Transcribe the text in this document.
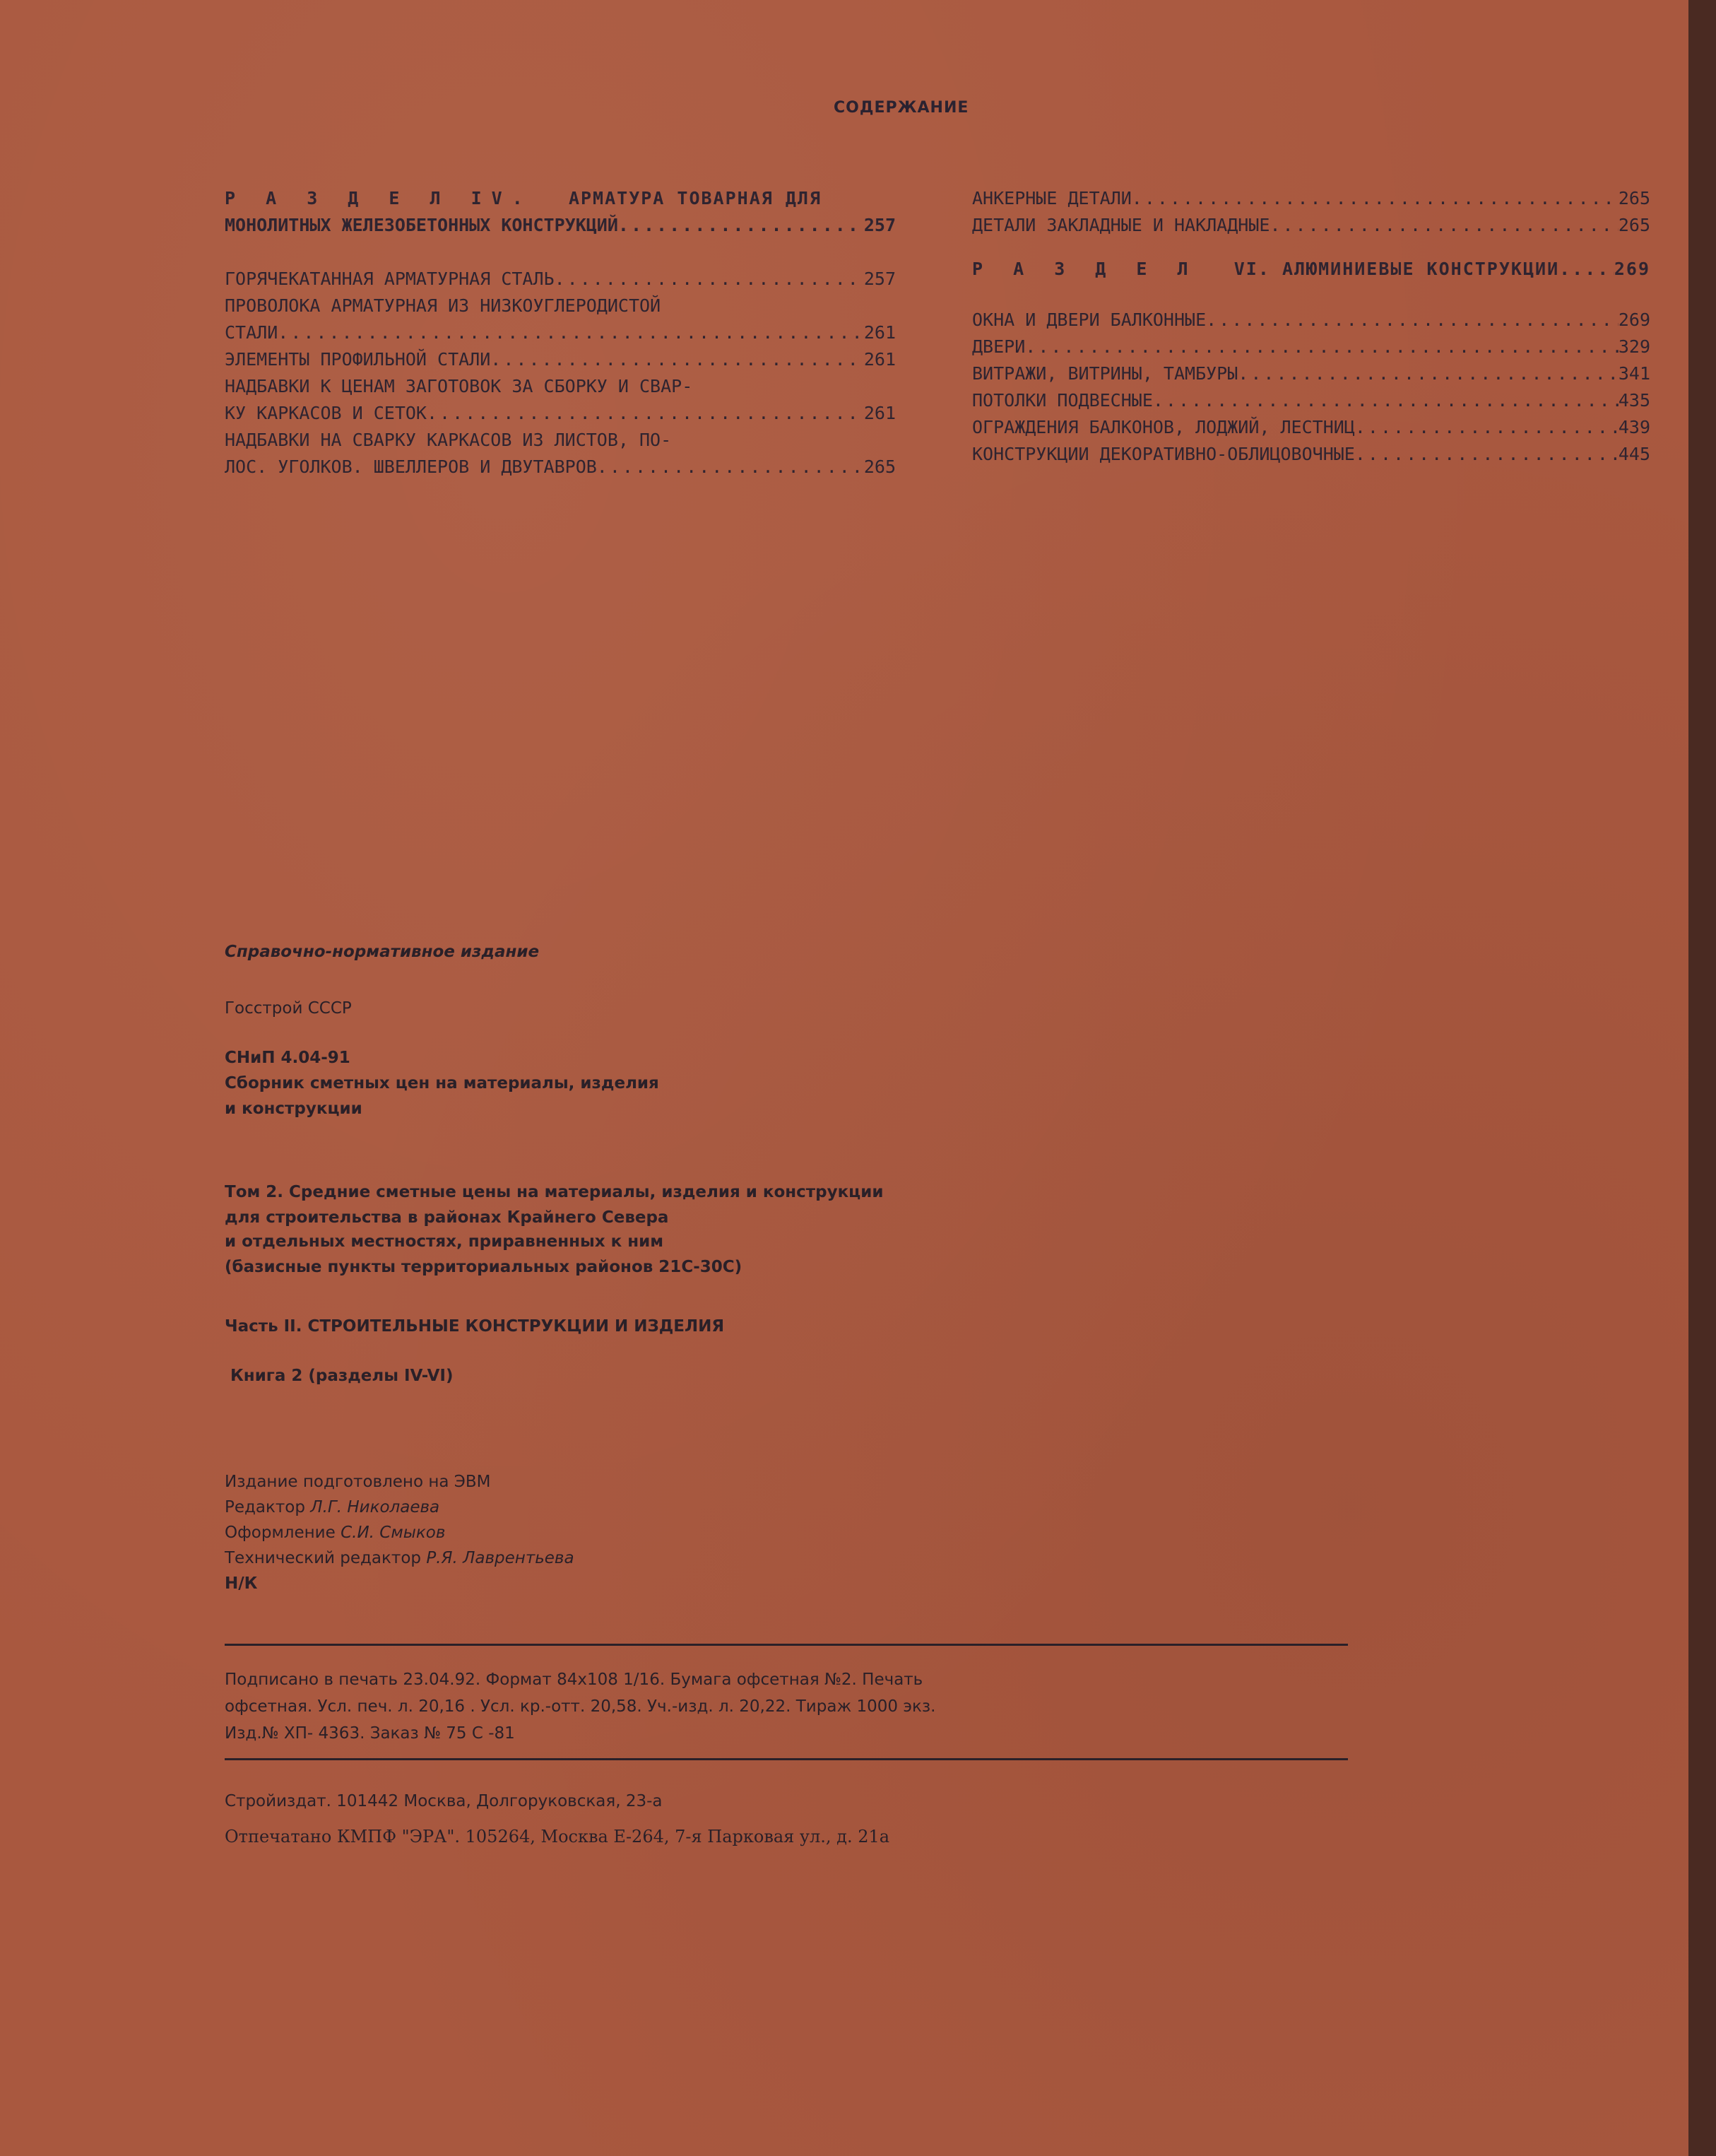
СОДЕРЖАНИЕ
Р А З Д Е Л IV. АРМАТУРА ТОВАРНАЯ ДЛЯ
МОНОЛИТНЫХ ЖЕЛЕЗОБЕТОННЫХ КОНСТРУКЦИЙ .....	257
ГОРЯЧЕКАТАННАЯ АРМАТУРНАЯ СТАЛЬ .....	257
ПРОВОЛОКА АРМАТУРНАЯ ИЗ НИЗКОУГЛЕРОДИСТОЙ
СТАЛИ .....	261
ЭЛЕМЕНТЫ ПРОФИЛЬНОЙ СТАЛИ .....	261
НАДБАВКИ К ЦЕНАМ ЗАГОТОВОК ЗА СБОРКУ И СВАР-
КУ КАРКАСОВ И СЕТОК .....	261
НАДБАВКИ НА СВАРКУ КАРКАСОВ ИЗ ЛИСТОВ, ПО-
ЛОС. УГОЛКОВ. ШВЕЛЛЕРОВ И ДВУТАВРОВ .....	265
АНКЕРНЫЕ ДЕТАЛИ .....	265
ДЕТАЛИ ЗАКЛАДНЫЕ И НАКЛАДНЫЕ .....	265
Р А З Д Е Л VI. АЛЮМИНИЕВЫЕ КОНСТРУКЦИИ .....	269
ОКНА И ДВЕРИ БАЛКОННЫЕ .....	269
ДВЕРИ .....	329
ВИТРАЖИ, ВИТРИНЫ, ТАМБУРЫ .....	341
ПОТОЛКИ ПОДВЕСНЫЕ .....	435
ОГРАЖДЕНИЯ БАЛКОНОВ, ЛОДЖИЙ, ЛЕСТНИЦ .....	439
КОНСТРУКЦИИ ДЕКОРАТИВНО-ОБЛИЦОВОЧНЫЕ .....	445
Справочно-нормативное издание
Госстрой СССР
СНиП 4.04-91
Сборник сметных цен на материалы, изделия
и конструкции
Том 2. Средние сметные цены на материалы, изделия и конструкции
для строительства в районах Крайнего Севера
и отдельных местностях, приравненных к ним
(базисные пункты территориальных районов 21С-30С)
Часть II. СТРОИТЕЛЬНЫЕ КОНСТРУКЦИИ И ИЗДЕЛИЯ
Книга 2 (разделы IV-VI)
Издание подготовлено на ЭВМ
Редактор Л.Г. Николаева
Оформление С.И. Смыков
Технический редактор Р.Я. Лаврентьева
Н/К
Подписано в печать 23.04.92. Формат 84х108 1/16. Бумага офсетная №2. Печать
офсетная. Усл. печ. л. 20,16 . Усл. кр.-отт. 20,58. Уч.-изд. л. 20,22. Тираж 1000 экз.
Изд.№ ХП- 4363. Заказ № 75 С -81
Стройиздат. 101442 Москва, Долгоруковская, 23-а
Отпечатано КМПФ "ЭРА". 105264, Москва Е-264, 7-я Парковая ул., д. 21а
